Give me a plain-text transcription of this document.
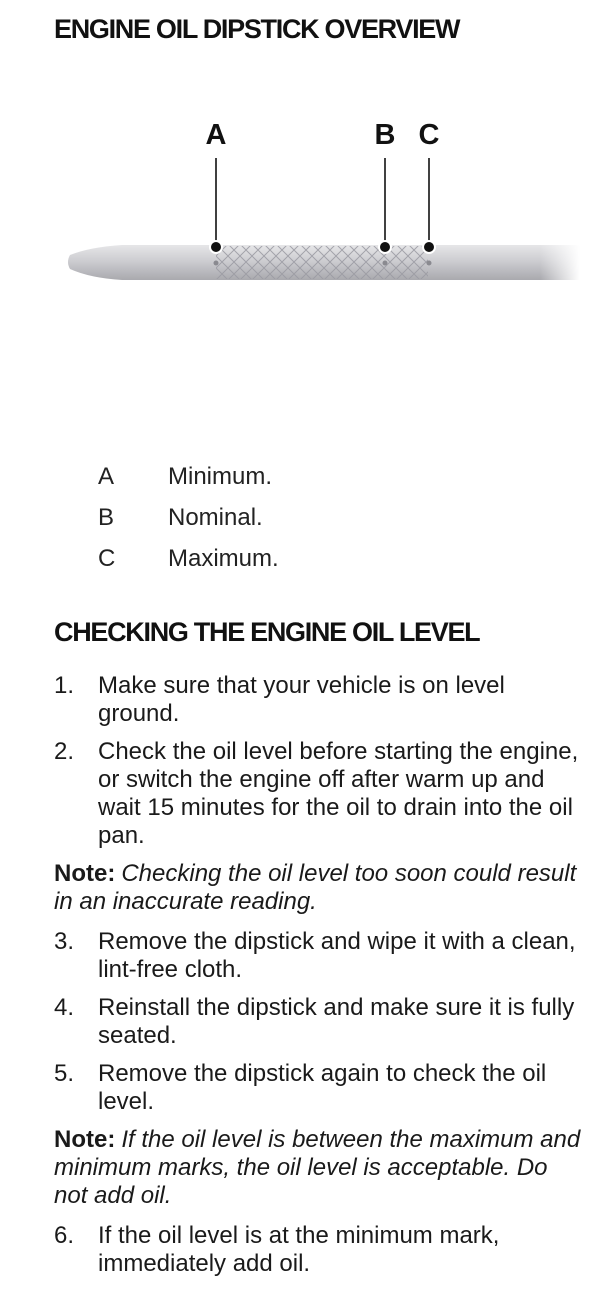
ENGINE OIL DIPSTICK OVERVIEW
A	B C
A	Minimum.
B	Nominal.
C	Maximum.
CHECKING THE ENGINE OIL LEVEL
1. Make sure that your vehicle is on level ground.
2. Check the oil level before starting the engine, or switch the engine off after warm up and wait 15 minutes for the oil to drain into the oil pan.
Note: Checking the oil level too soon could result in an inaccurate reading.
3. Remove the dipstick and wipe it with a clean, lint-free cloth.
4. Reinstall the dipstick and make sure it is fully seated.
5. Remove the dipstick again to check the oil level.
Note: If the oil level is between the maximum and minimum marks, the oil level is acceptable. Do not add oil.
6. If the oil level is at the minimum mark, immediately add oil.
